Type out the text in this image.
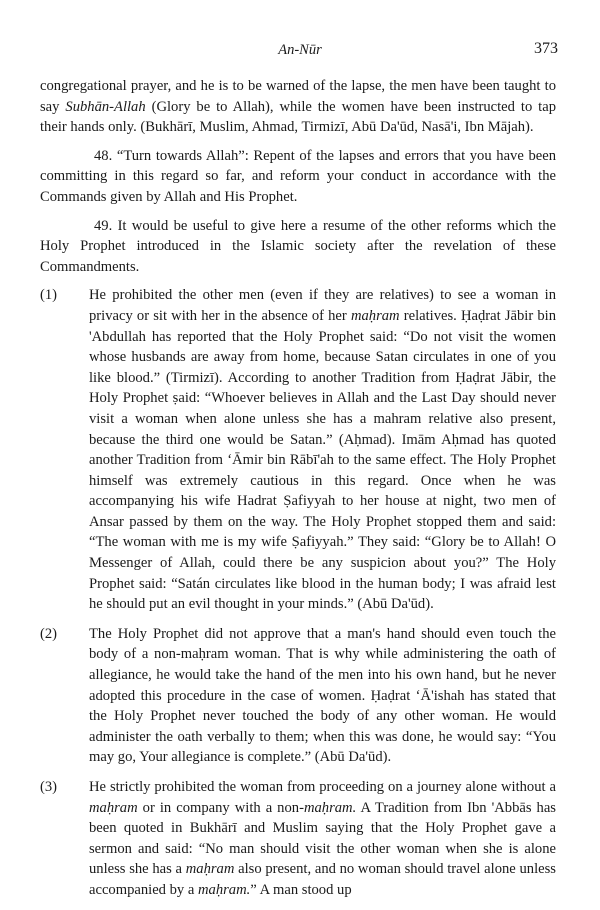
An-Nūr	373

congregational prayer, and he is to be warned of the lapse, the men have been taught to say Subhān-Allah (Glory be to Allah), while the women have been instructed to tap their hands only. (Bukhārī, Muslim, Ahmad, Tirmizī, Abū Da'ūd, Nasā'i, Ibn Mājah).

48. “Turn towards Allah”: Repent of the lapses and errors that you have been committing in this regard so far, and reform your conduct in accordance with the Commands given by Allah and His Prophet.

49. It would be useful to give here a resume of the other reforms which the Holy Prophet introduced in the Islamic society after the revelation of these Commandments.

(1) He prohibited the other men (even if they are relatives) to see a woman in privacy or sit with her in the absence of her maḥram relatives. Ḥaḍrat Jābir bin 'Abdullah has reported that the Holy Prophet said: “Do not visit the women whose husbands are away from home, because Satan circulates in one of you like blood.” (Tirmizī). According to another Tradition from Ḥaḍrat Jābir, the Holy Prophet ṣaid: “Whoever believes in Allah and the Last Day should never visit a woman when alone unless she has a mahram relative also present, because the third one would be Satan.” (Aḥmad). Imām Aḥmad has quoted another Tradition from ‘Āmir bin Rābī'ah to the same effect. The Holy Prophet himself was extremely cautious in this regard. Once when he was accompanying his wife Hadrat Ṣafiyyah to her house at night, two men of Ansar passed by them on the way. The Holy Prophet stopped them and said: “The woman with me is my wife Ṣafiyyah.” They said: “Glory be to Allah! O Messenger of Allah, could there be any suspicion about you?” The Holy Prophet said: “Satán circulates like blood in the human body; I was afraid lest he should put an evil thought in your minds.” (Abū Da'ūd).
(2) The Holy Prophet did not approve that a man's hand should even touch the body of a non-maḥram woman. That is why while administering the oath of allegiance, he would take the hand of the men into his own hand, but he never adopted this procedure in the case of women. Ḥaḍrat ‘Ā'ishah has stated that the Holy Prophet never touched the body of any other woman. He would administer the oath verbally to them; when this was done, he would say: “You may go, Your allegiance is complete.” (Abū Da'ūd).
(3) He strictly prohibited the woman from proceeding on a journey alone without a maḥram or in company with a non-maḥram. A Tradition from Ibn 'Abbās has been quoted in Bukhārī and Muslim saying that the Holy Prophet gave a sermon and said: “No man should visit the other woman when she is alone unless she has a maḥram also present, and no woman should travel alone unless accompanied by a maḥram.” A man stood up
